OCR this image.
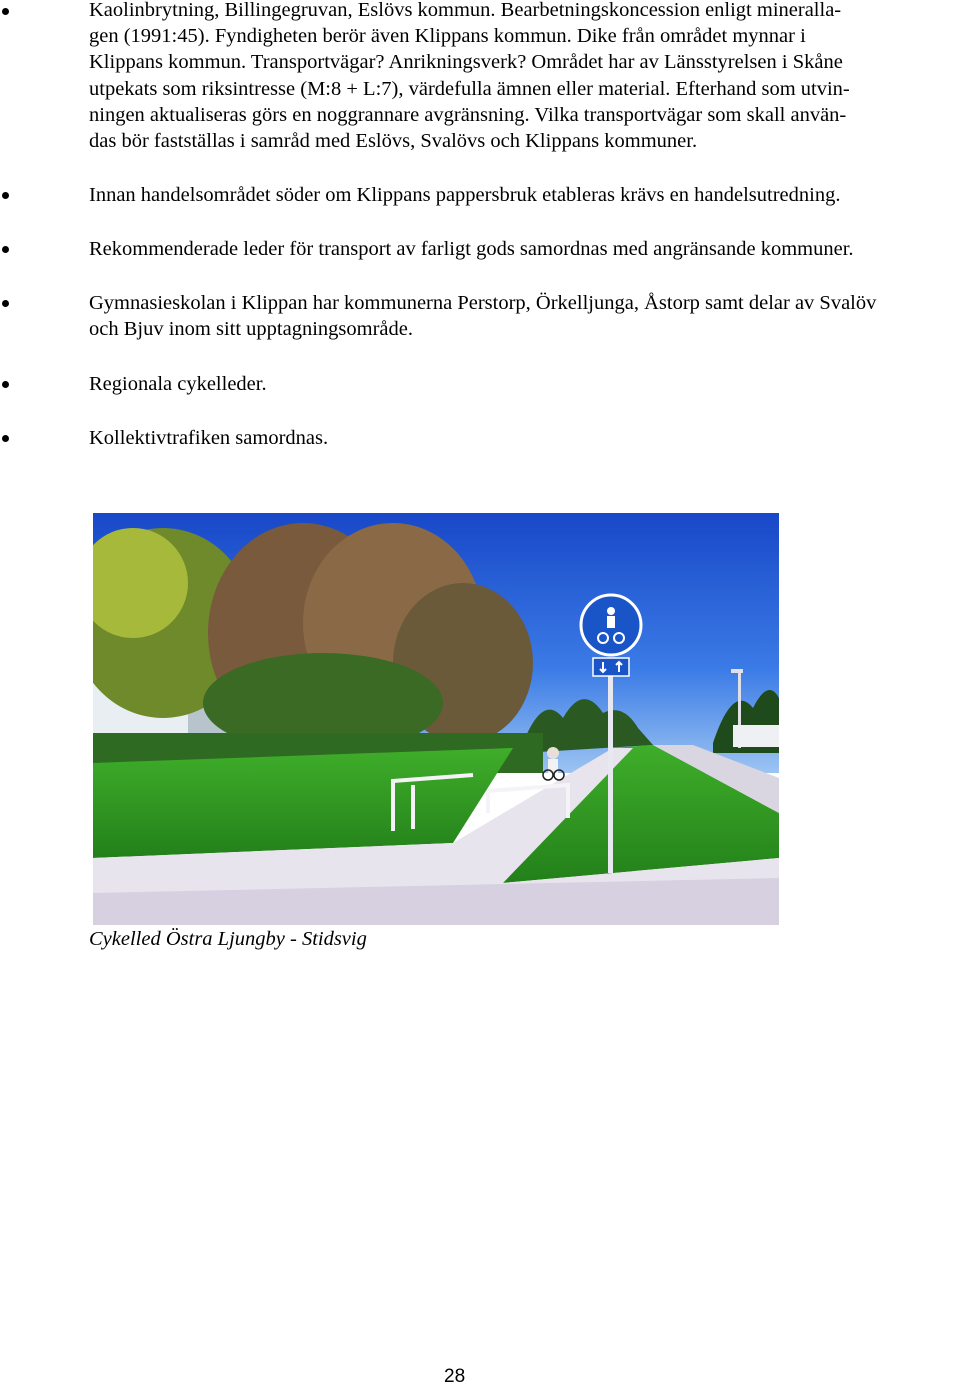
Kaolinbrytning, Billingegruvan, Eslövs kommun. Bearbetningskoncession enligt mineralla-
gen (1991:45). Fyndigheten berör även Klippans kommun. Dike från området mynnar i
Klippans kommun. Transportvägar? Anrikningsverk? Området har av Länsstyrelsen i Skåne
utpekats som riksintresse (M:8 + L:7), värdefulla ämnen eller material. Efterhand som utvin-
ningen aktualiseras görs en noggrannare avgränsning. Vilka transportvägar som skall använ-
das bör fastställas i samråd med Eslövs, Svalövs och Klippans kommuner.
Innan handelsområdet söder om Klippans pappersbruk etableras krävs en handelsutredning.
Rekommenderade leder för transport av farligt gods samordnas med angränsande kommuner.
Gymnasieskolan i Klippan har kommunerna Perstorp, Örkelljunga, Åstorp samt delar av Svalöv
och Bjuv inom sitt upptagningsområde.
Regionala cykelleder.
Kollektivtrafiken samordnas.
Cykelled Östra Ljungby - Stidsvig
28
